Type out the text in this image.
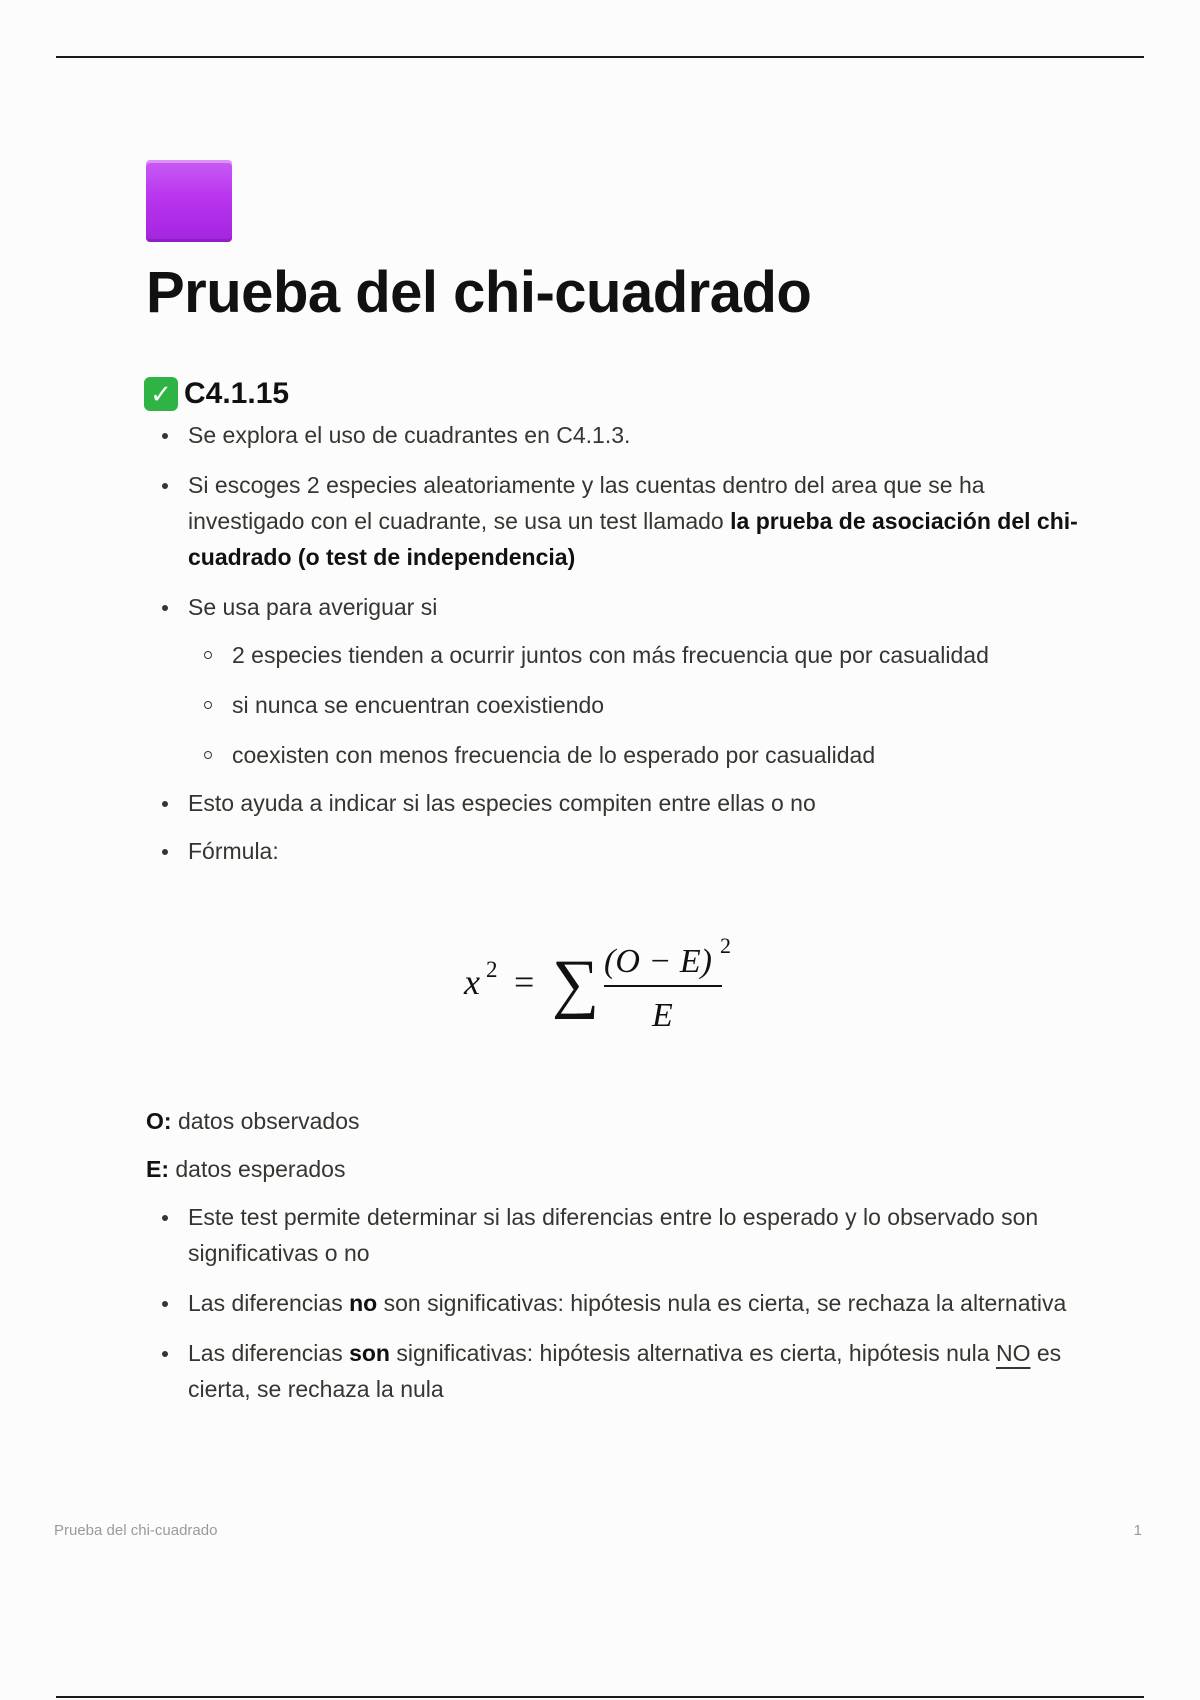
Prueba del chi-cuadrado
✓ C4.1.15
Se explora el uso de cuadrantes en C4.1.3.
Si escoges 2 especies aleatoriamente y las cuentas dentro del area que se ha investigado con el cuadrante, se usa un test llamado la prueba de asociación del chi-cuadrado (o test de independencia)
Se usa para averiguar si
2 especies tienden a ocurrir juntos con más frecuencia que por casualidad
si nunca se encuentran coexistiendo
coexisten con menos frecuencia de lo esperado por casualidad
Esto ayuda a indicar si las especies compiten entre ellas o no
Fórmula:
x 2 = ∑ (O − E) 2
E

O: datos observados

E: datos esperados

Este test permite determinar si las diferencias entre lo esperado y lo observado son significativas o no
Las diferencias no son significativas: hipótesis nula es cierta, se rechaza la alternativa
Las diferencias son significativas: hipótesis alternativa es cierta, hipótesis nula NO es cierta, se rechaza la nula
Prueba del chi-cuadrado	1
